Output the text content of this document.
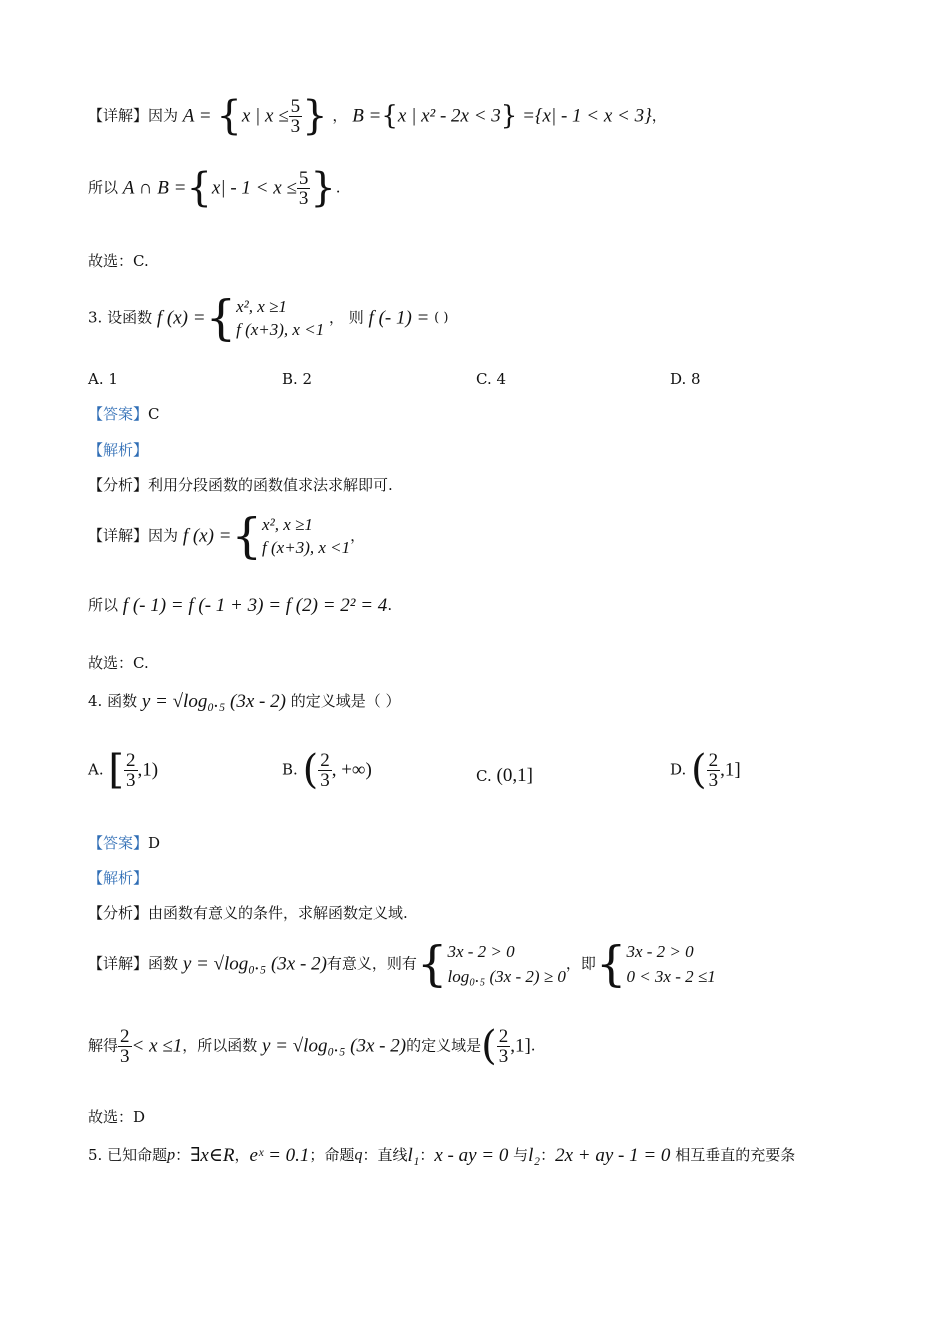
【详解】因为 A = {x | $x \le \frac{5}{3}$ } ， B ={x | x² - 2x < 3} ={x| - 1 < x < 3}，
所以 A ∩ $B =\{x| - 1 < x \le \frac{5}{3}$ }.
故选：C.
3. 设函数 f (x) ={ x², x ≥1
f (x+3), x <1
， 则 f (- 1) = ( )
A. 1	B. 2	C. 4	D. 8
【答案】C
【解析】
【分析】利用分段函数的函数值求法求解即可.
【详解】因为 f (x) ={ x², x ≥1
f (x+3), x <1
，
所以 f (- 1) = f (- 1 + 3) = f (2) = 2² = 4.
故选：C.
4. 函数 y = √log₀.₅ (3x - 2) 的定义域是（ ）
A. [ $\frac{2}{3} ,1$)	B. ( $\frac{2}{3}$ , +∞)	C. (0,1]	D. ( $\frac{2}{3} ,1$]
【答案】D
【解析】
【分析】由函数有意义的条件，求解函数定义域.
【详解】函数 y = √log₀.₅ (3x - 2)有意义，则有{ 3x - 2 > 0
log₀.₅ (3x - 2) ≥ 0
，即{ 3x - 2 > 0
0 < 3x - 2 ≤1
解得 $\frac{2}{3} < x \le 1$，所以函数 y = √log₀.₅ (3x - 2)的定义域是( $\frac{2}{3} ,1$].
故选：D
5. 已知命题p：∃x∈R，eˣ = 0.1；命题q：直线l₁：x - ay = 0 与l₂：2x + ay - 1 = 0 相互垂直的充要条
